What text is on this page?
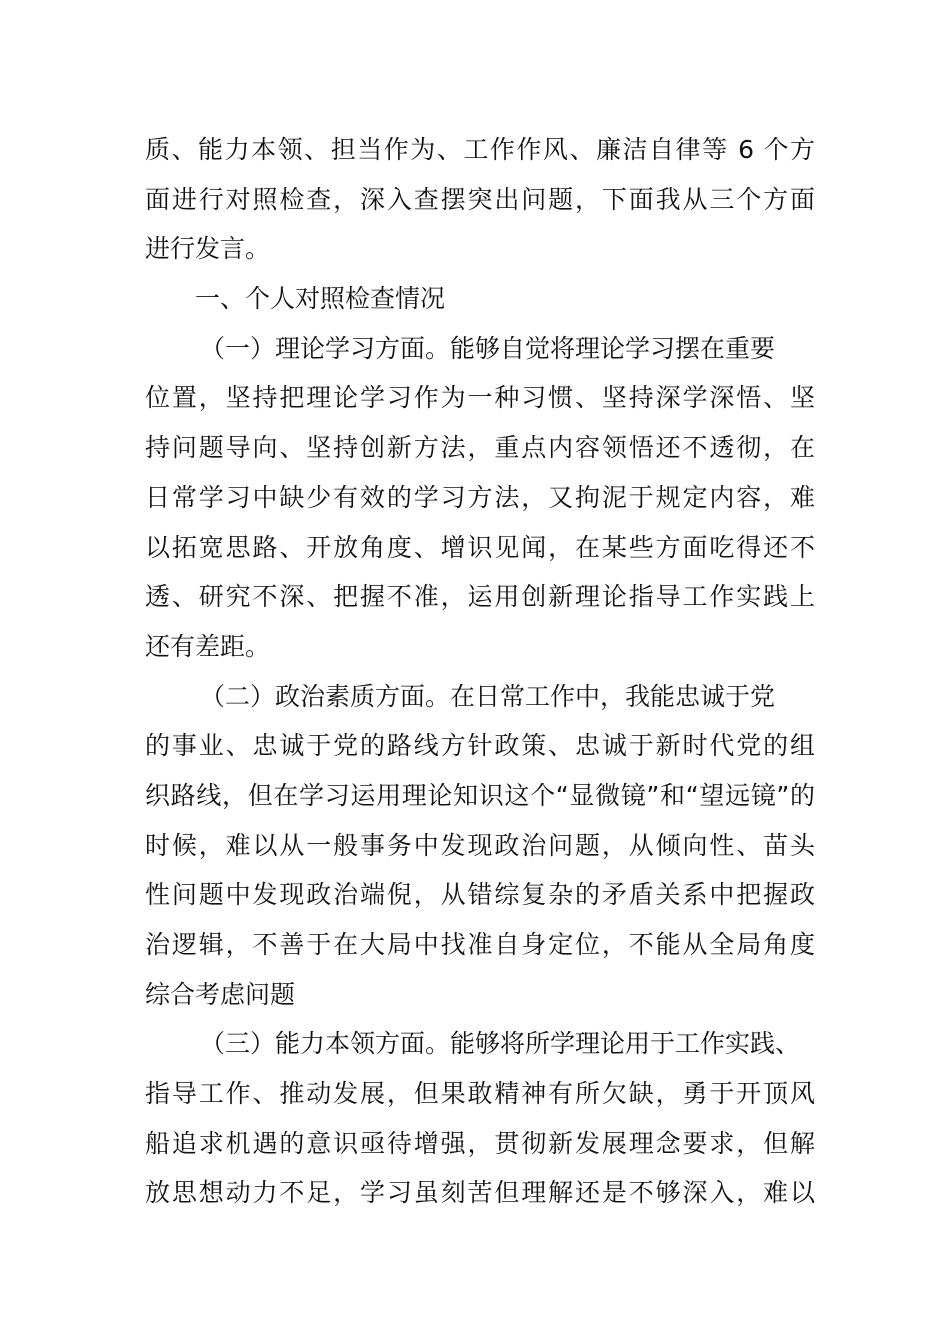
质、能力本领、担当作为、工作作风、廉洁自律等 6 个方
面进行对照检查，深入查摆突出问题，下面我从三个方面
进行发言。
一、个人对照检查情况
（一）理论学习方面。能够自觉将理论学习摆在重要
位置，坚持把理论学习作为一种习惯、坚持深学深悟、坚
持问题导向、坚持创新方法，重点内容领悟还不透彻，在
日常学习中缺少有效的学习方法，又拘泥于规定内容，难
以拓宽思路、开放角度、增识见闻，在某些方面吃得还不
透、研究不深、把握不准，运用创新理论指导工作实践上
还有差距。
（二）政治素质方面。在日常工作中，我能忠诚于党
的事业、忠诚于党的路线方针政策、忠诚于新时代党的组
织路线，但在学习运用理论知识这个“显微镜”和“望远镜”的
时候，难以从一般事务中发现政治问题，从倾向性、苗头
性问题中发现政治端倪，从错综复杂的矛盾关系中把握政
治逻辑，不善于在大局中找准自身定位，不能从全局角度
综合考虑问题
（三）能力本领方面。能够将所学理论用于工作实践、
指导工作、推动发展，但果敢精神有所欠缺，勇于开顶风
船追求机遇的意识亟待增强，贯彻新发展理念要求，但解
放思想动力不足，学习虽刻苦但理解还是不够深入，难以
